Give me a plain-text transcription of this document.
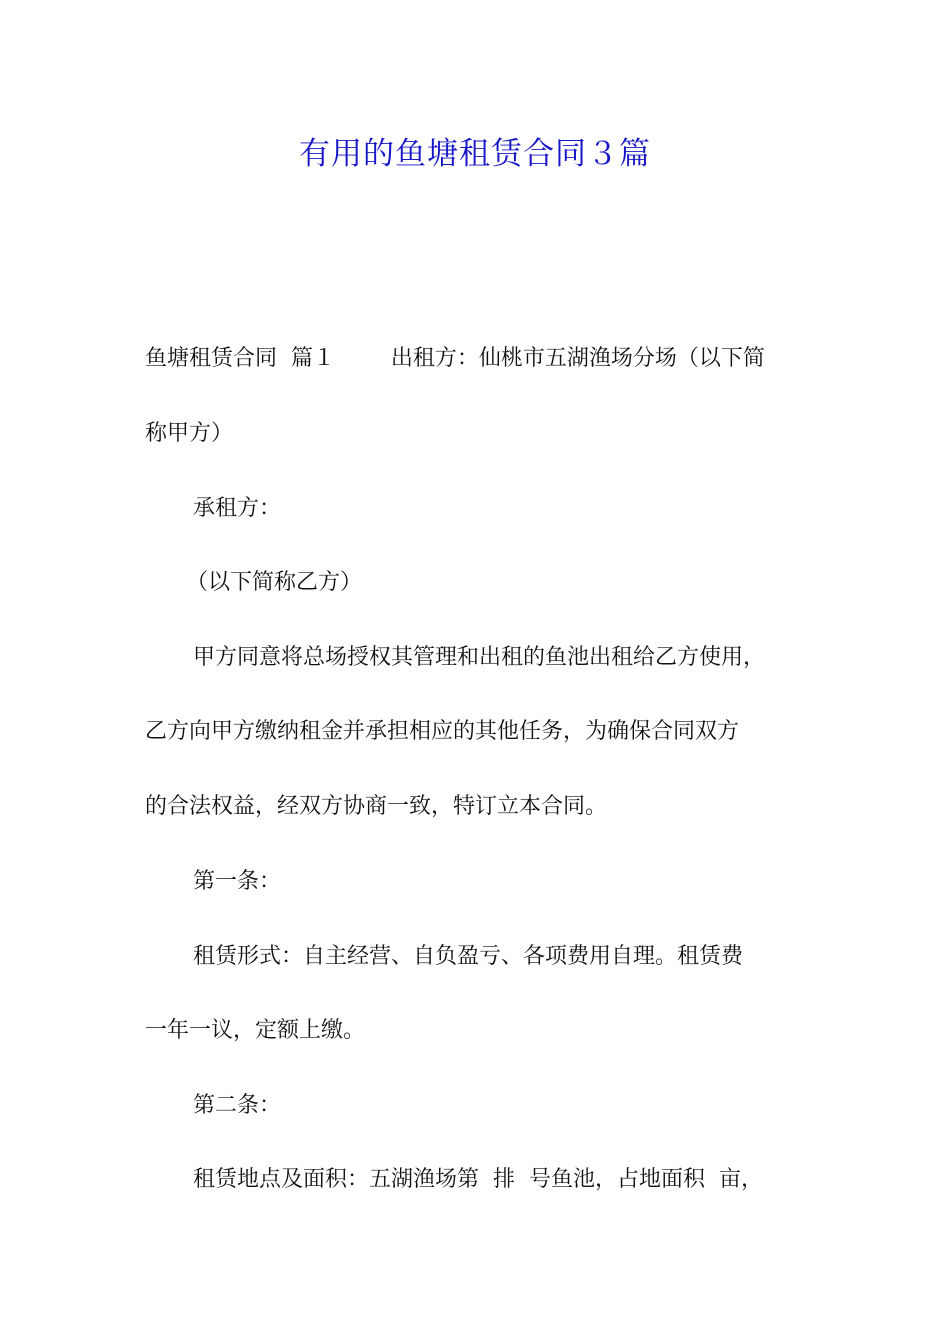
有用的鱼塘租赁合同３篇

鱼塘租赁合同  篇１        出租方：仙桃市五湖渔场分场（以下简

称甲方）

承租方：

（以下简称乙方）

甲方同意将总场授权其管理和出租的鱼池出租给乙方使用，

乙方向甲方缴纳租金并承担相应的其他任务，为确保合同双方

的合法权益，经双方协商一致，特订立本合同。

第一条：

租赁形式：自主经营、自负盈亏、各项费用自理。租赁费

一年一议，定额上缴。

第二条：

租赁地点及面积：五湖渔场第  排  号鱼池，占地面积  亩，
